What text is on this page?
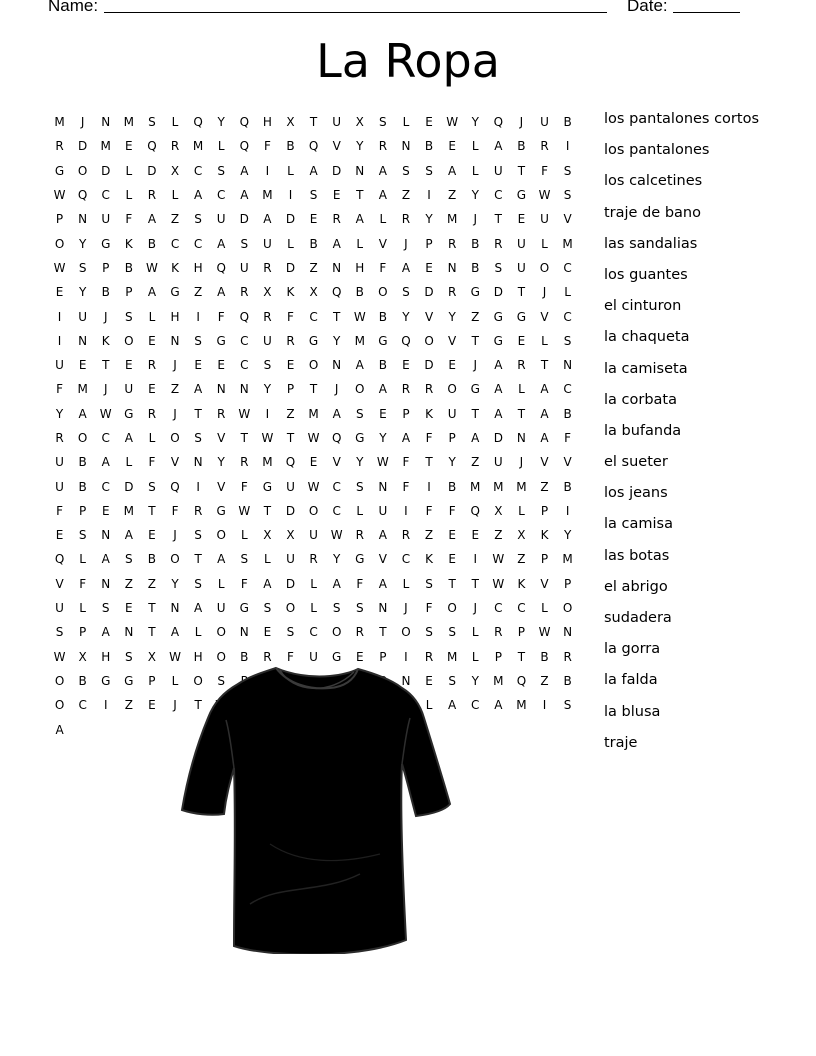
Name:	Date:
La Ropa
M	J	N	M	S	L	Q	Y	Q	H	X	T	U	X	S	L	E	W	Y	Q	J	U	B
R	D	M	E	Q	R	M	L	Q	F	B	Q	V	Y	R	N	B	E	L	A	B	R	I
G	O	D	L	D	X	C	S	A	I	L	A	D	N	A	S	S	A	L	U	T	F	S
W	Q	C	L	R	L	A	C	A	M	I	S	E	T	A	Z	I	Z	Y	C	G	W	S
P	N	U	F	A	Z	S	U	D	A	D	E	R	A	L	R	Y	M	J	T	E	U	V
O	Y	G	K	B	C	C	A	S	U	L	B	A	L	V	J	P	R	B	R	U	L	M
W	S	P	B	W	K	H	Q	U	R	D	Z	N	H	F	A	E	N	B	S	U	O	C
E	Y	B	P	A	G	Z	A	R	X	K	X	Q	B	O	S	D	R	G	D	T	J	L
I	U	J	S	L	H	I	F	Q	R	F	C	T	W	B	Y	V	Y	Z	G	G	V	C
I	N	K	O	E	N	S	G	C	U	R	G	Y	M	G	Q	O	V	T	G	E	L	S
U	E	T	E	R	J	E	E	C	S	E	O	N	A	B	E	D	E	J	A	R	T	N
F	M	J	U	E	Z	A	N	N	Y	P	T	J	O	A	R	R	O	G	A	L	A	C
Y	A	W	G	R	J	T	R	W	I	Z	M	A	S	E	P	K	U	T	A	T	A	B
R	O	C	A	L	O	S	V	T	W	T	W	Q	G	Y	A	F	P	A	D	N	A	F
U	B	A	L	F	V	N	Y	R	M	Q	E	V	Y	W	F	T	Y	Z	U	J	V	V
U	B	C	D	S	Q	I	V	F	G	U	W	C	S	N	F	I	B	M	M	M	Z	B
F	P	E	M	T	F	R	G	W	T	D	O	C	L	U	I	F	F	Q	X	L	P	I
E	S	N	A	E	J	S	O	L	X	X	U	W	R	A	R	Z	E	E	Z	X	K	Y
Q	L	A	S	B	O	T	A	S	L	U	R	Y	G	V	C	K	E	I	W	Z	P	M
V	F	N	Z	Z	Y	S	L	F	A	D	L	A	F	A	L	S	T	T	W	K	V	P
U	L	S	E	T	N	A	U	G	S	O	L	S	S	N	J	F	O	J	C	C	L	O
S	P	A	N	T	A	L	O	N	E	S	C	O	R	T	O	S	S	L	R	P	W	N
W	X	H	S	X	W	H	O	B	R	F	U	G	E	P	I	R	M	L	P	T	B	R
O	B	G	G	P	L	O	S	N	E	S	Y	M	Q	Z	B
O	C	I	Z	E	J	T	L	A	C	A	M	I	S
A
los pantalones cortos
los pantalones
los calcetines
traje de bano
las sandalias
los guantes
el cinturon
la chaqueta
la camiseta
la corbata
la bufanda
el sueter
los jeans
la camisa
las botas
el abrigo
sudadera
la gorra
la falda
la blusa
traje
